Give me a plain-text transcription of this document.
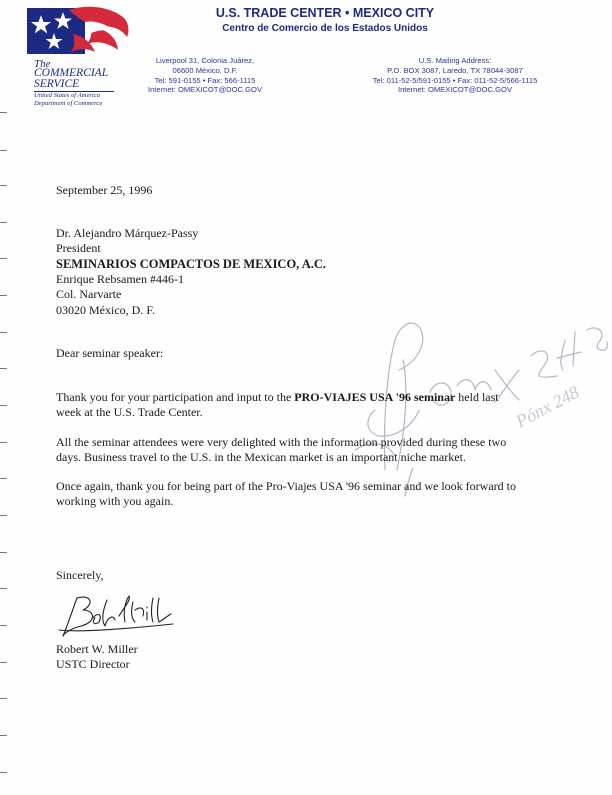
The
COMMERCIAL
SERVICE
United States of America
Department of Commerce
U.S. TRADE CENTER • MEXICO CITY
Centro de Comercio de los Estados Unidos
Liverpool 31, Colonia Juárez,
06600 México, D.F.
Tel: 591-0155 • Fax: 566-1115
Internet: OMEXICOT@DOC.GOV
U.S. Mailing Address:
P.O. BOX 3087, Laredo, TX 78044-3087
Tel: 011-52-5/591-0155 • Fax: 011-52-5/566-1115
Internet: OMEXICOT@DOC.GOV
Pónx 248
September 25, 1996
Dr. Alejandro Márquez-Passy
President
SEMINARIOS COMPACTOS DE MEXICO, A.C.
Enrique Rebsamen #446-1
Col. Narvarte
03020 México, D. F.
Dear seminar speaker:
Thank you for your participation and input to the PRO-VIAJES USA '96 seminar held last
week at the U.S. Trade Center.
All the seminar attendees were very delighted with the information provided during these two
days. Business travel to the U.S. in the Mexican market is an important niche market.
Once again, thank you for being part of the Pro-Viajes USA '96 seminar and we look forward to
working with you again.
Sincerely,
Bob Miller
Robert W. Miller
USTC Director
